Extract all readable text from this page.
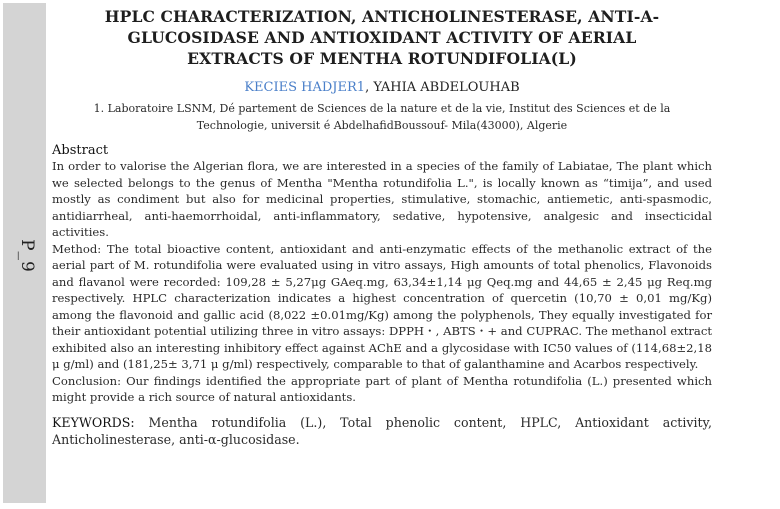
P_9
HPLC CHARACTERIZATION, ANTICHOLINESTERASE, ANTI-Α-GLUCOSIDASE AND ANTIOXIDANT ACTIVITY OF AERIAL EXTRACTS OF MENTHA ROTUNDIFOLIA(L)
KECIES HADJER1, YAHIA ABDELOUHAB
1. Laboratoire LSNM, Dé partement de Sciences de la nature et de la vie, Institut des Sciences et de la Technologie, universit é AbdelhafidBoussouf- Mila(43000), Algerie
Abstract

In order to valorise the Algerian flora, we are interested in a species of the family of Labiatae, The plant which we selected belongs to the genus of Mentha "Mentha rotundifolia L.", is locally known as “timija”, and used mostly as condiment but also for medicinal properties, stimulative, stomachic, antiemetic, anti-spasmodic, antidiarrheal, anti-haemorrhoidal, anti-inflammatory, sedative, hypotensive, analgesic and insecticidal activities.

Method: The total bioactive content, antioxidant and anti-enzymatic effects of the methanolic extract of the aerial part of M. rotundifolia were evaluated using in vitro assays, High amounts of total phenolics, Flavonoids and flavanol were recorded: 109,28 ± 5,27μg GAeq.mg, 63,34±1,14 μg Qeq.mg and 44,65 ± 2,45 μg Req.mg respectively. HPLC characterization indicates a highest concentration of quercetin (10,70 ± 0,01 mg/Kg) among the flavonoid and gallic acid (8,022 ±0.01mg/Kg) among the polyphenols, They equally investigated for their antioxidant potential utilizing three in vitro assays: DPPH・, ABTS・+ and CUPRAC. The methanol extract exhibited also an interesting inhibitory effect against AChE and a glycosidase with IC50 values of (114,68±2,18 μ g/ml) and (181,25± 3,71 μ g/ml) respectively, comparable to that of galanthamine and Acarbos respectively.

Conclusion: Our findings identified the appropriate part of plant of Mentha rotundifolia (L.) presented which might provide a rich source of natural antioxidants.

KEYWORDS: Mentha rotundifolia (L.), Total phenolic content, HPLC, Antioxidant activity, Anticholinesterase, anti-α-glucosidase.
